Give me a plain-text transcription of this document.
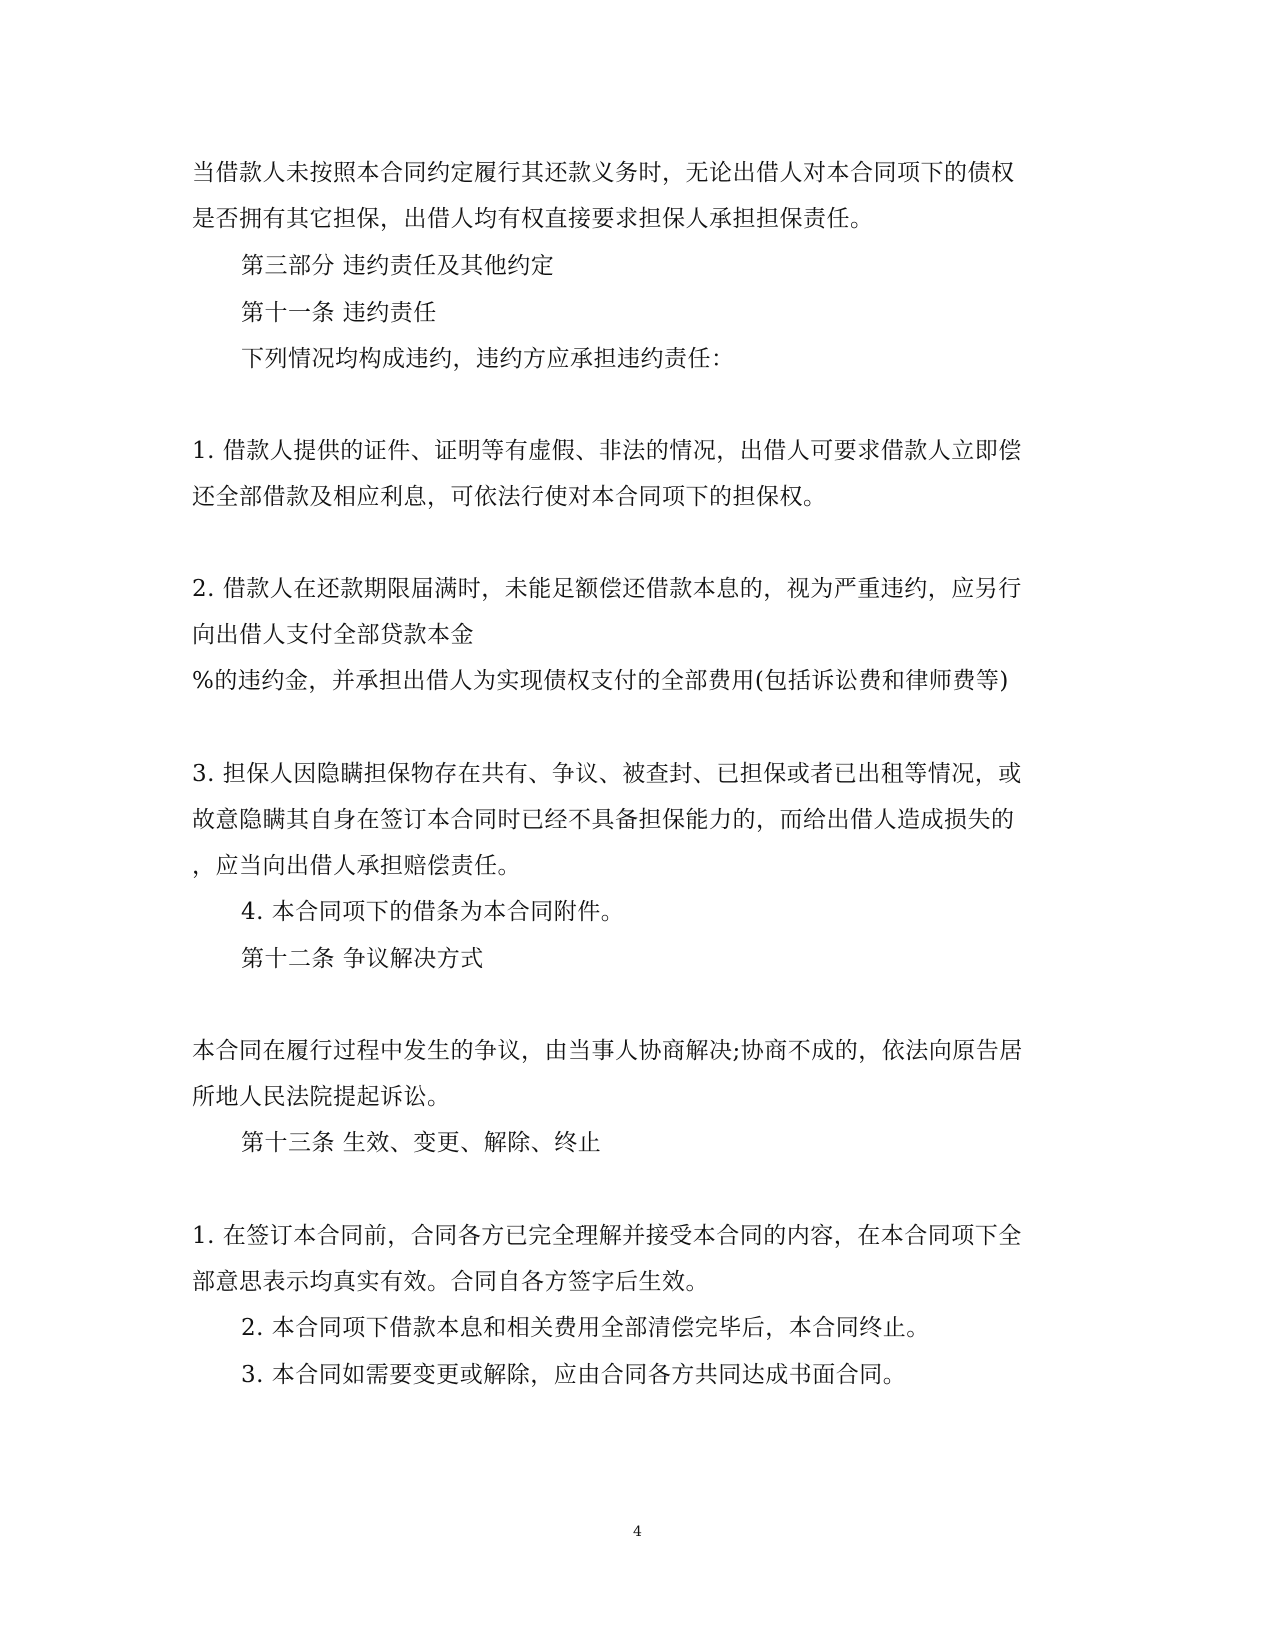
当借款人未按照本合同约定履行其还款义务时，无论出借人对本合同项下的债权
是否拥有其它担保，出借人均有权直接要求担保人承担担保责任。
第三部分 违约责任及其他约定
第十一条 违约责任
下列情况均构成违约，违约方应承担违约责任：
1. 借款人提供的证件、证明等有虚假、非法的情况，出借人可要求借款人立即偿
还全部借款及相应利息，可依法行使对本合同项下的担保权。
2. 借款人在还款期限届满时，未能足额偿还借款本息的，视为严重违约，应另行
向出借人支付全部贷款本金
%的违约金，并承担出借人为实现债权支付的全部费用(包括诉讼费和律师费等)
3. 担保人因隐瞒担保物存在共有、争议、被查封、已担保或者已出租等情况，或
故意隐瞒其自身在签订本合同时已经不具备担保能力的，而给出借人造成损失的
，应当向出借人承担赔偿责任。
4. 本合同项下的借条为本合同附件。
第十二条 争议解决方式
本合同在履行过程中发生的争议，由当事人协商解决;协商不成的，依法向原告居
所地人民法院提起诉讼。
第十三条 生效、变更、解除、终止
1. 在签订本合同前，合同各方已完全理解并接受本合同的内容，在本合同项下全
部意思表示均真实有效。合同自各方签字后生效。
2. 本合同项下借款本息和相关费用全部清偿完毕后，本合同终止。
3. 本合同如需要变更或解除，应由合同各方共同达成书面合同。
4
